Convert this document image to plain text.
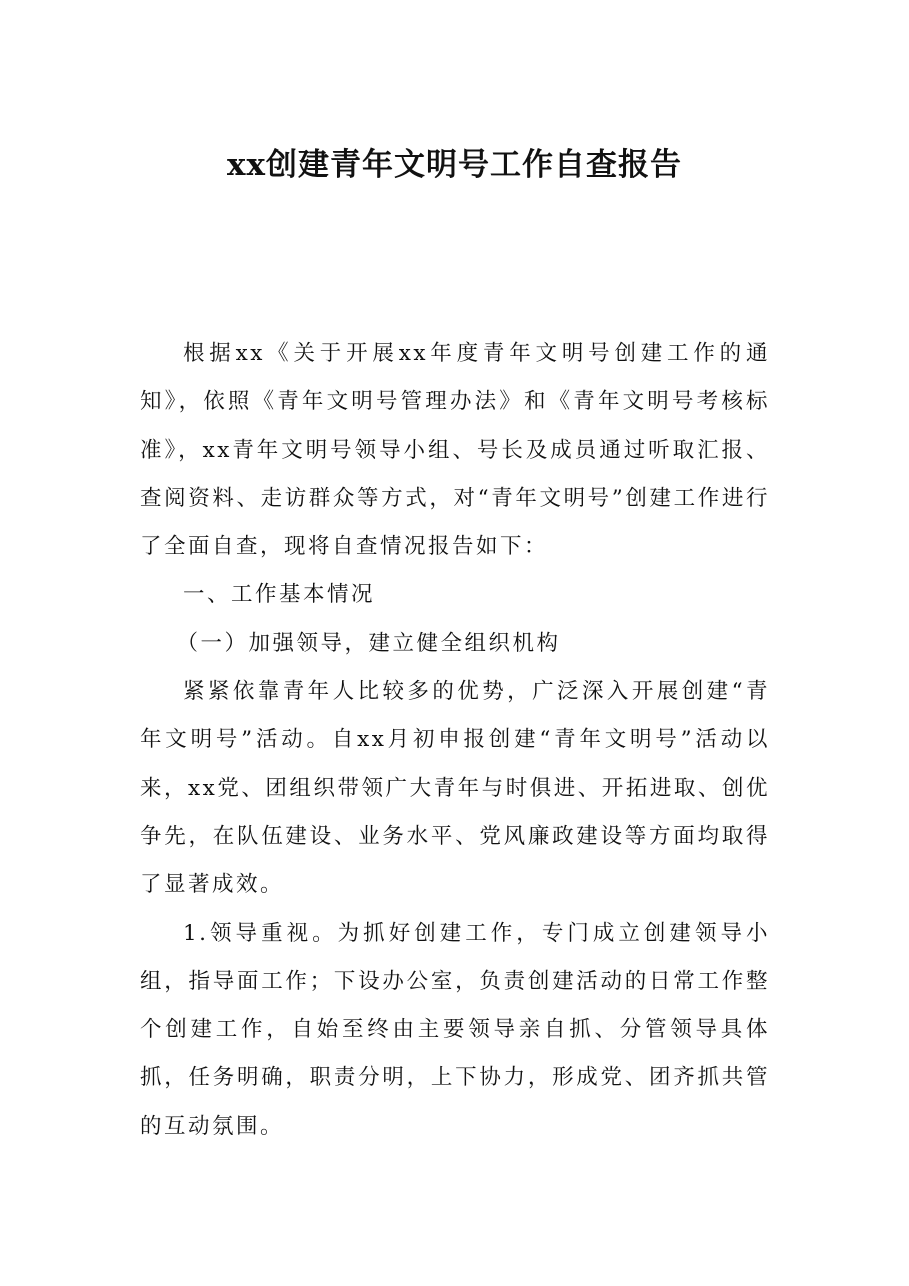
xx创建青年文明号工作自查报告

根据xx《关于开展xx年度青年文明号创建工作的通知》，依照《青年文明号管理办法》和《青年文明号考核标准》，xx青年文明号领导小组、号长及成员通过听取汇报、查阅资料、走访群众等方式，对“青年文明号”创建工作进行了全面自查，现将自查情况报告如下：

一、工作基本情况

（一）加强领导，建立健全组织机构

紧紧依靠青年人比较多的优势，广泛深入开展创建“青年文明号”活动。自xx月初申报创建“青年文明号”活动以来，xx党、团组织带领广大青年与时俱进、开拓进取、创优争先，在队伍建设、业务水平、党风廉政建设等方面均取得了显著成效。

1.领导重视。为抓好创建工作，专门成立创建领导小组，指导面工作；下设办公室，负责创建活动的日常工作整个创建工作，自始至终由主要领导亲自抓、分管领导具体抓，任务明确，职责分明，上下协力，形成党、团齐抓共管的互动氛围。
